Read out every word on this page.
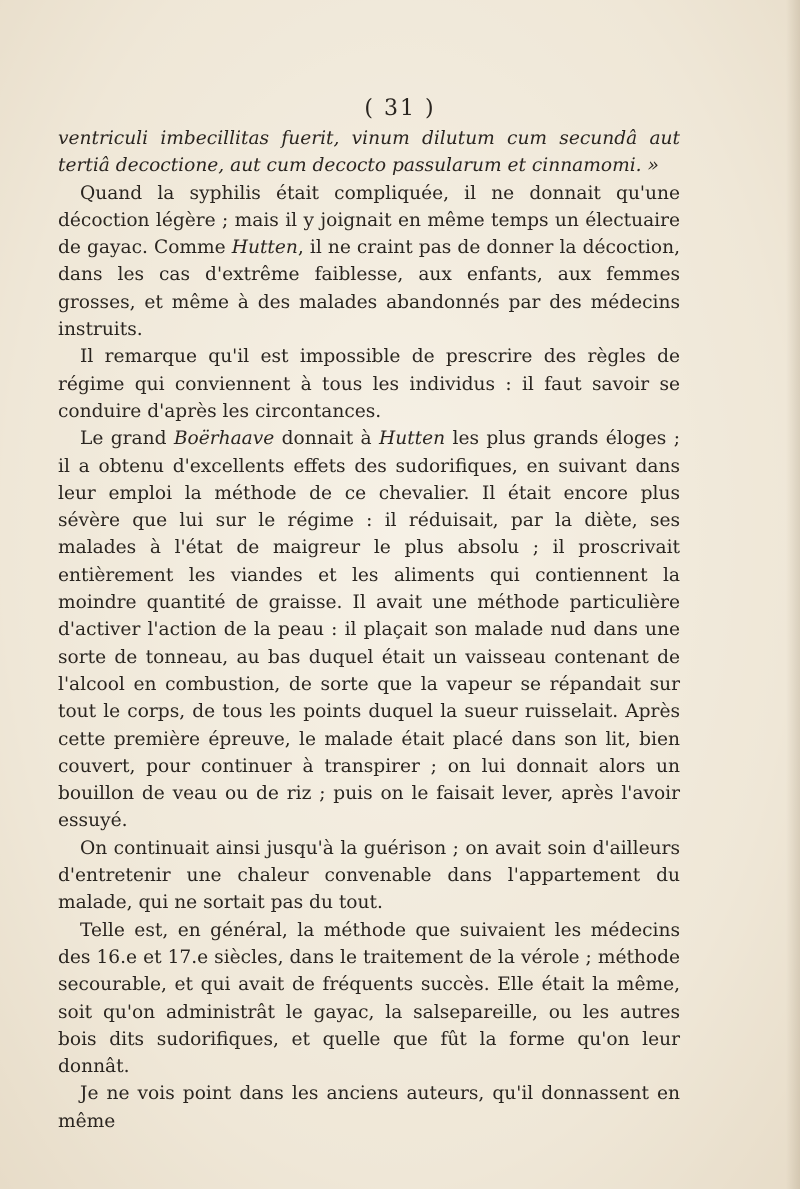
( 31 )

ventriculi imbecillitas fuerit, vinum dilutum cum secundâ aut tertiâ decoctione, aut cum decocto passularum et cinnamomi. »

Quand la syphilis était compliquée, il ne donnait qu'une décoction légère ; mais il y joignait en même temps un électuaire de gayac. Comme Hutten, il ne craint pas de donner la décoction, dans les cas d'extrême faiblesse, aux enfants, aux femmes grosses, et même à des malades abandonnés par des médecins instruits.

Il remarque qu'il est impossible de prescrire des règles de régime qui conviennent à tous les individus : il faut savoir se conduire d'après les circontances.

Le grand Boërhaave donnait à Hutten les plus grands éloges ; il a obtenu d'excellents effets des sudorifiques, en suivant dans leur emploi la méthode de ce chevalier. Il était encore plus sévère que lui sur le régime : il réduisait, par la diète, ses malades à l'état de maigreur le plus absolu ; il proscrivait entièrement les viandes et les aliments qui contiennent la moindre quantité de graisse. Il avait une méthode particulière d'activer l'action de la peau : il plaçait son malade nud dans une sorte de tonneau, au bas duquel était un vaisseau contenant de l'alcool en combustion, de sorte que la vapeur se répandait sur tout le corps, de tous les points duquel la sueur ruisselait. Après cette première épreuve, le malade était placé dans son lit, bien couvert, pour continuer à transpirer ; on lui donnait alors un bouillon de veau ou de riz ; puis on le faisait lever, après l'avoir essuyé.

On continuait ainsi jusqu'à la guérison ; on avait soin d'ailleurs d'entretenir une chaleur convenable dans l'appartement du malade, qui ne sortait pas du tout.

Telle est, en général, la méthode que suivaient les médecins des 16.e et 17.e siècles, dans le traitement de la vérole ; méthode secourable, et qui avait de fréquents succès. Elle était la même, soit qu'on administrât le gayac, la salsepareille, ou les autres bois dits sudorifiques, et quelle que fût la forme qu'on leur donnât.

Je ne vois point dans les anciens auteurs, qu'il donnassent en même
